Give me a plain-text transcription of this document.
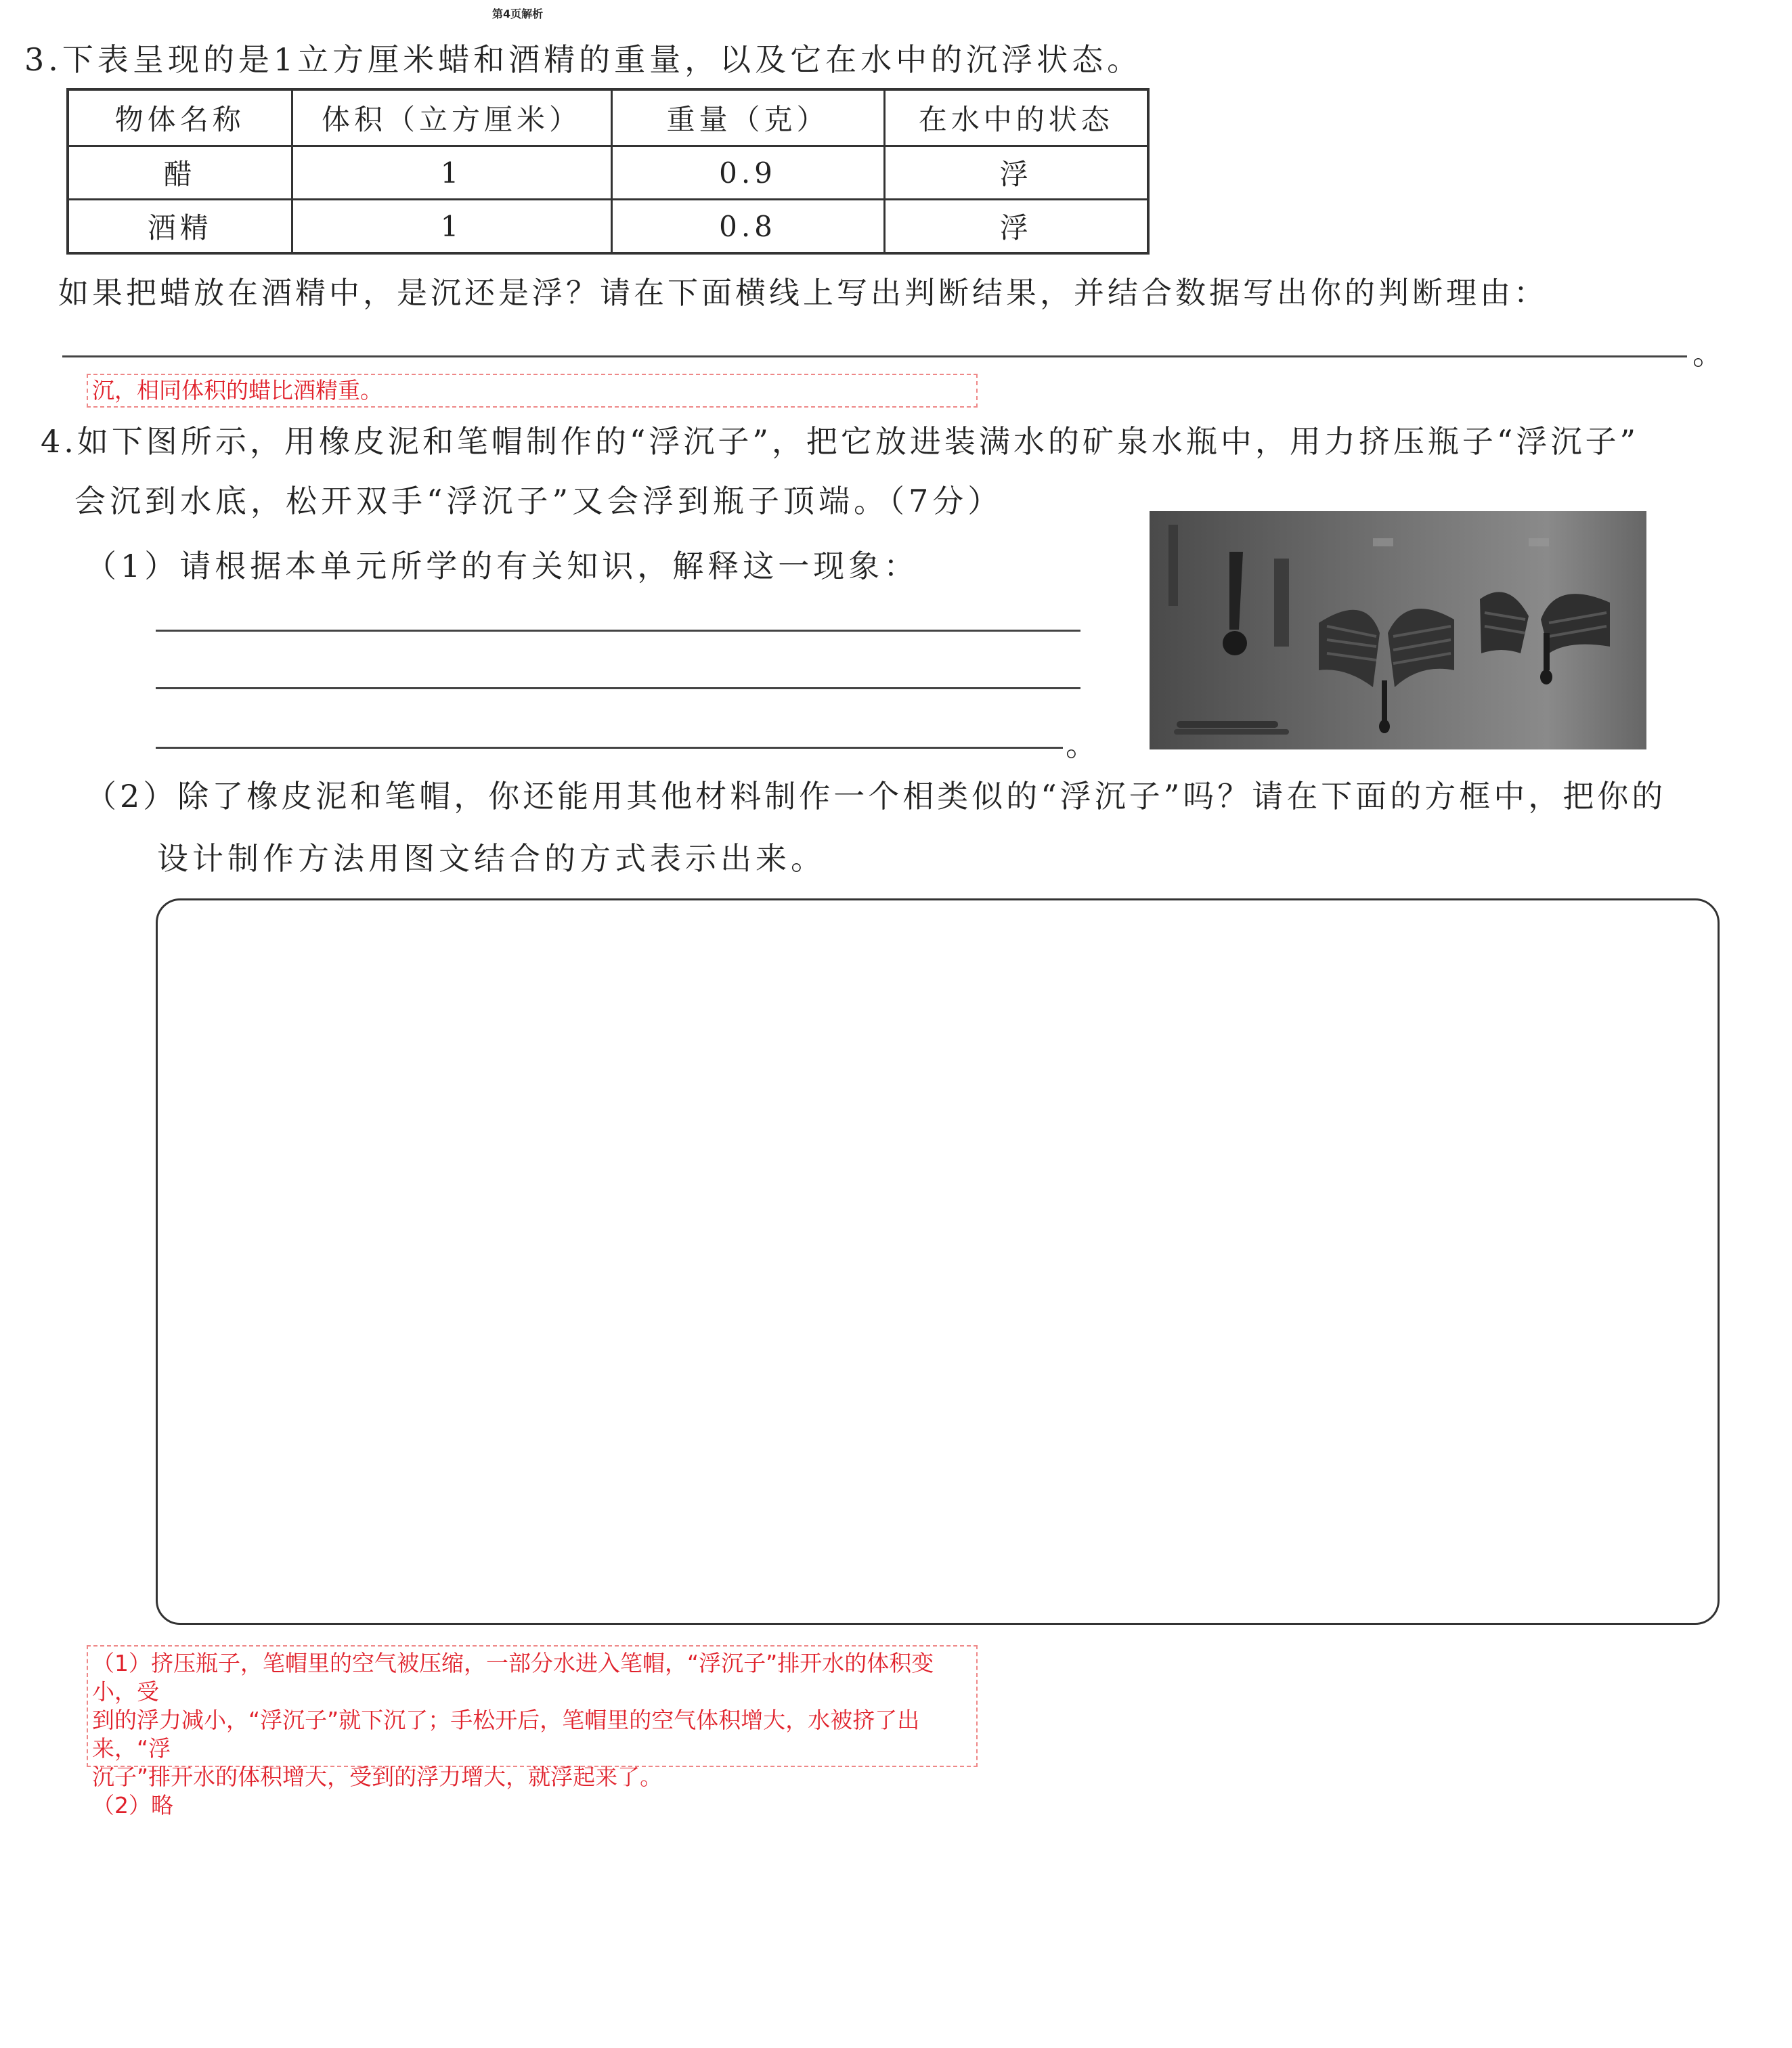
第4页解析
3.下表呈现的是1立方厘米蜡和酒精的重量，以及它在水中的沉浮状态。
物体名称	体积（立方厘米）	重量（克）	在水中的状态
醋	1	0.9	浮
酒精	1	0.8	浮
如果把蜡放在酒精中，是沉还是浮？请在下面横线上写出判断结果，并结合数据写出你的判断理由：
。
沉，相同体积的蜡比酒精重。
4.如下图所示，用橡皮泥和笔帽制作的“浮沉子”，把它放进装满水的矿泉水瓶中，用力挤压瓶子“浮沉子”
会沉到水底，松开双手“浮沉子”又会浮到瓶子顶端。（7分）
（1）请根据本单元所学的有关知识，解释这一现象：
。
（2）除了橡皮泥和笔帽，你还能用其他材料制作一个相类似的“浮沉子”吗？请在下面的方框中，把你的
设计制作方法用图文结合的方式表示出来。
（1）挤压瓶子，笔帽里的空气被压缩，一部分水进入笔帽，“浮沉子”排开水的体积变小，受
到的浮力减小，“浮沉子”就下沉了；手松开后，笔帽里的空气体积增大，水被挤了出来，“浮
沉子”排开水的体积增大，受到的浮力增大，就浮起来了。
（2）略
